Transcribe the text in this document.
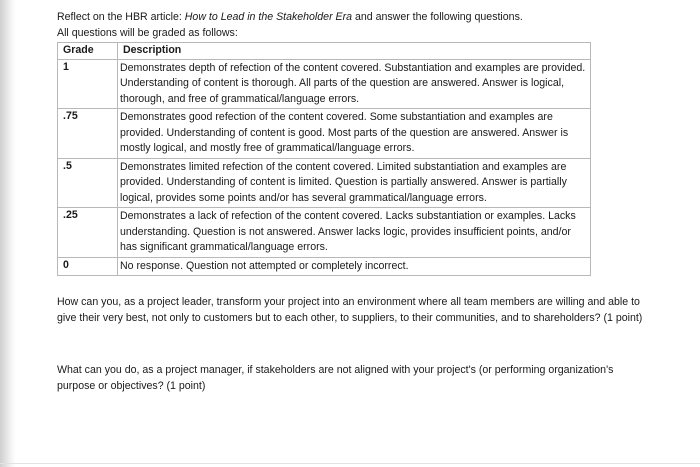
Reflect on the HBR article: How to Lead in the Stakeholder Era and answer the following questions.
All questions will be graded as follows:
Grade	Description
1	Demonstrates depth of refection of the content covered. Substantiation and examples are provided. Understanding of content is thorough. All parts of the question are answered. Answer is logical, thorough, and free of grammatical/language errors.
.75	Demonstrates good refection of the content covered. Some substantiation and examples are provided. Understanding of content is good. Most parts of the question are answered. Answer is mostly logical, and mostly free of grammatical/language errors.
.5	Demonstrates limited refection of the content covered. Limited substantiation and examples are provided. Understanding of content is limited. Question is partially answered. Answer is partially logical, provides some points and/or has several grammatical/language errors.
.25	Demonstrates a lack of refection of the content covered. Lacks substantiation or examples. Lacks understanding. Question is not answered. Answer lacks logic, provides insufficient points, and/or has significant grammatical/language errors.
0	No response. Question not attempted or completely incorrect.
How can you, as a project leader, transform your project into an environment where all team members are willing and able to give their very best, not only to customers but to each other, to suppliers, to their communities, and to shareholders? (1 point)
What can you do, as a project manager, if stakeholders are not aligned with your project's (or performing organization's purpose or objectives? (1 point)
